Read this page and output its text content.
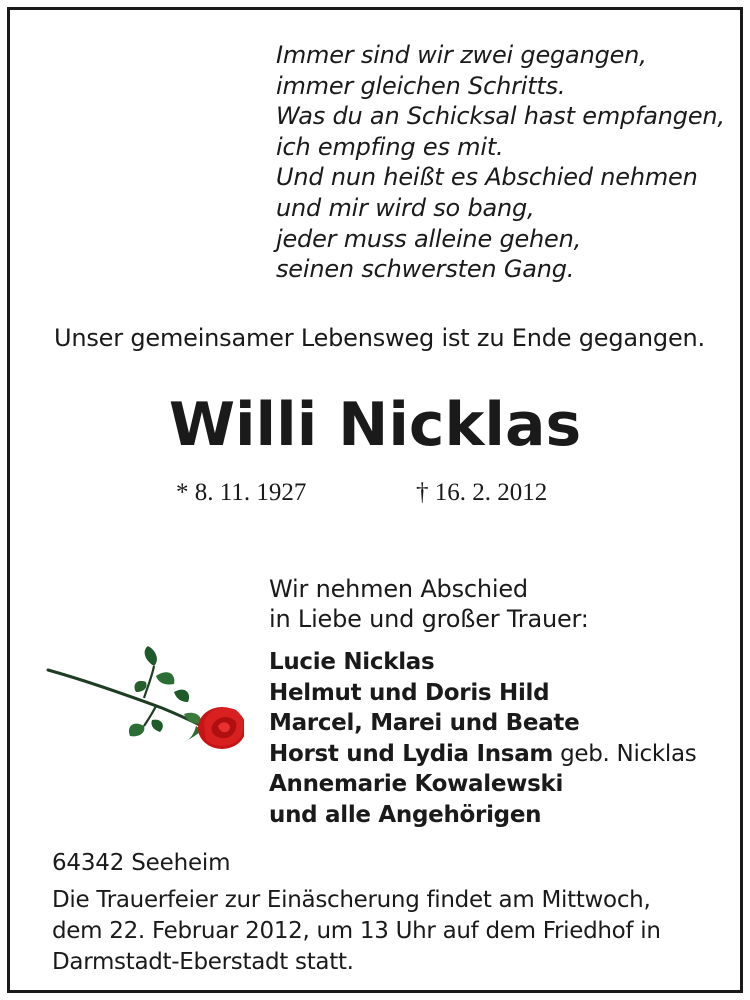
Immer sind wir zwei gegangen,
immer gleichen Schritts.
Was du an Schicksal hast empfangen,
ich empfing es mit.
Und nun heißt es Abschied nehmen
und mir wird so bang,
jeder muss alleine gehen,
seinen schwersten Gang.
Unser gemeinsamer Lebensweg ist zu Ende gegangen.
Willi Nicklas
* 8. 11. 1927	† 16. 2. 2012
Wir nehmen Abschied
in Liebe und großer Trauer:
Lucie Nicklas
Helmut und Doris Hild
Marcel, Marei und Beate
Horst und Lydia Insam geb. Nicklas
Annemarie Kowalewski
und alle Angehörigen
64342 Seeheim
Die Trauerfeier zur Einäscherung findet am Mittwoch,
dem 22. Februar 2012, um 13 Uhr auf dem Friedhof in
Darmstadt-Eberstadt statt.
